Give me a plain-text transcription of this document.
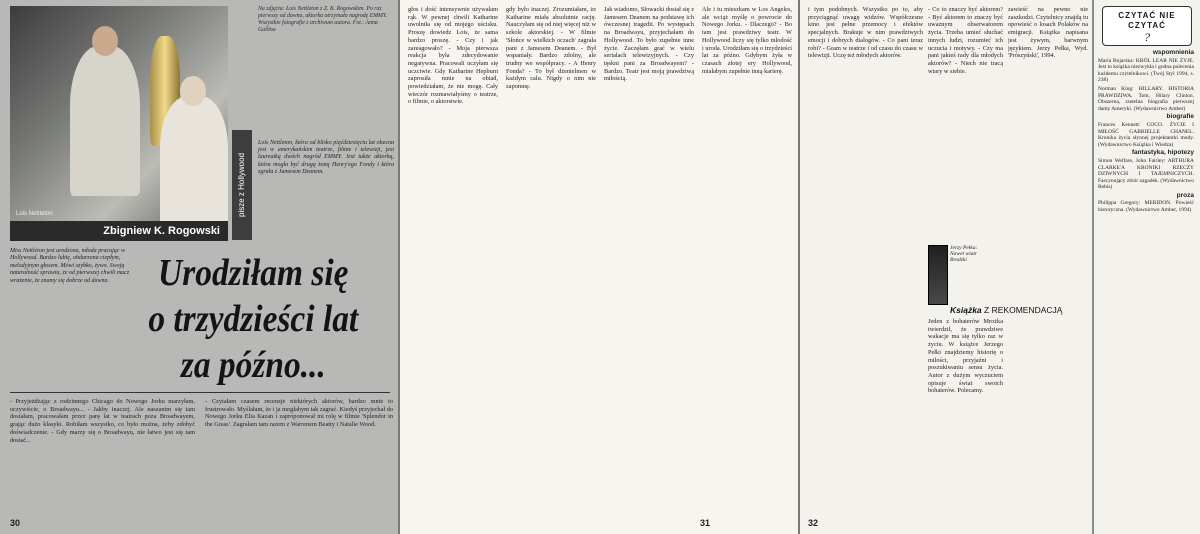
Lois Nettleton
Zbigniew K. Rogowski
pisze z Hollywood
Na zdjęciu: Lois Nettleton z Z. K. Rogowskim. Po raz pierwszy od dawna, aktorka otrzymała nagrodę EMMY. Wszystkie fotografie z archiwum autora. Fot.: Anna Gallina
Lois Nettleton, która od blisko pięćdziesięciu lat obecna jest w amerykańskim teatrze, filmie i telewizji, jest laureatką dwóch nagród EMMY. Jest także aktorką, która mogła być drugą żoną Henry'ego Fondy i która zgrała z Jamesem Deanem.
Miss Nettleton jest urodzona, młoda pracując w Hollywood. Bardzo lubię, obdarzona ciepłym, melodyjnym głosem. Mówi szybko, żywo. Swoją naturalność sprawia, że od pierwszej chwili macz wrażenie, że znamy się dobrze od dawna.	Urodziłam się
o trzydzieści lat
za późno...
- Przyjeżdżając z rodzinnego Chicago do Nowego Jorku marzyłam, oczywiście, o Broadwayu... - Jakby inaczej. Ale naszanim się tam dostałam, pracowałam przez parę lat w teatrach poza Broadwayem, grając dużo klasyki. Robiłam wszystko, co było można, żeby zdobyć doświadczenie. - Gdy marzy się o Broadwayu, nie łatwo jest się tam dostać...
- Czytałam czasem recenzje niektórych aktorów, bardzo mnie to frustrowało. Myślałam, że i ja mogłabym tak zagrać. Kiedyś przyjechał do Nowego Jorku Elia Kazan i zaproponował mi rolę w filmie 'Splendor in the Grass'. Zagrałam tam razem z Warrenem Beatty i Natalie Wood.
30
głos i dość intensywnie używałam rąk. W pewnej chwili Katharine uwolniła się od mojego uścisku. Proszę dowiedz Lois, że sama bardzo proszę. - Czy i jak zareagowało? - Moja pierwsza reakcja była zdecydowanie negatywna. Pracowali uczyłam się uczciwie. Gdy Katharine Hepburn zaprosiła mnie na obiad, powiedziałam, że nie mogę. Cały wieczór rozmawiałyśmy o teatrze, o filmie, o aktorstwie.
gdy było inaczej. Zrozumiałam, że Katharine miała absolutnie rację. Nauczyłam się od niej więcej niż w szkole aktorskiej. - W filmie 'Słońce w wielkich oczach' zagrała pani z Jamesem Deanem. - Był wspaniały. Bardzo zdolny, ale trudny we współpracy. - A Henry Fonda? - To był dżentelmen w każdym calu. Nigdy o nim nie zapomnę.
Jak wiadomo, Słowacki dostał się z Jamesem Deanem na podstawę ich ówczesnej tragedii. Po występach na Broadwayu, przyjechałam do Hollywood. To było zupełnie inne życie. Zaczęłam grać w wielu serialach telewizyjnych. - Czy tęskni pani za Broadwayem? - Bardzo. Teatr jest moją prawdziwą miłością.
Ale i tu mieszkam w Los Angeles, ale wciąż myślę o powrocie do Nowego Jorku. - Dlaczego? - Bo tam jest prawdziwy teatr. W Hollywood liczy się tylko młodość i uroda. Urodziłam się o trzydzieści lat za późno. Gdybym żyła w czasach złotej ery Hollywood, miałabym zupełnie inną karierę.
31
i tym podobnych. Wszystko po to, aby przyciągnąć uwagę widzów. Współczesne kino jest pełne przemocy i efektów specjalnych. Brakuje w nim prawdziwych emocji i dobrych dialogów. - Co pani teraz robi? - Gram w teatrze i od czasu do czasu w telewizji. Uczę też młodych aktorów.
- Co to znaczy być aktorem? - Być aktorem to znaczy być uważnym obserwatorem życia. Trzeba umieć słuchać innych ludzi, rozumieć ich uczucia i motywy. - Czy ma pani jakieś rady dla młodych aktorów? - Niech nie tracą wiary w siebie.
Jerzy Pełka: Nawet wiatr Brodzki
Książka Z REKOMENDACJĄ
Jeden z bohaterów Mrożka twierdził, że prawdziwe wakacje ma się tylko raz w życiu. W książce Jerzego Pełki znajdziemy historię o miłości, przyjaźni i poszukiwaniu sensu życia. Autor z dużym wyczuciem opisuje świat swoich bohaterów. Polecamy.
zawieść na pewno nie zaszkodzi. Czytelnicy znajdą tu opowieść o losach Polaków na emigracji. Książka napisana jest żywym, barwnym językiem. Jerzy Pełka, Wyd. 'Prószyński', 1994.
CZYTAĆ NIE CZYTAĆ
?
wspomnienia
Maria Bojarska: KRÓL LEAR NIE ŻYJE. Jest to książka niezwykła i godna polecenia każdemu czytelnikowi. (Twój Styl 1994, s. 238)
Norman King: HILLARY. HISTORIA PRAWDZIWA. Tom, Hilary Clinton. Obszerna, rzetelna biografia pierwszej damy Ameryki. (Wydawnictwo Amber)
biografie
Frances Kennett: COCO. ŻYCIE I MIŁOŚĆ GABRIELLE CHANEL. Kronika życia słynnej projektantki mody. (Wydawnictwo Książka i Wiedza)
fantastyka, hipotezy
Simon Welfare, John Fairley: ARTHURA CLARKE'A KRONIKI RZECZY DZIWNYCH I TAJEMNICZYCH. Fascynujący zbiór zagadek. (Wydawnictwo Rebis)
proza
Philippa Gregory: MERIDON. Powieść historyczna. (Wydawnictwo Amber, 1994)
32
